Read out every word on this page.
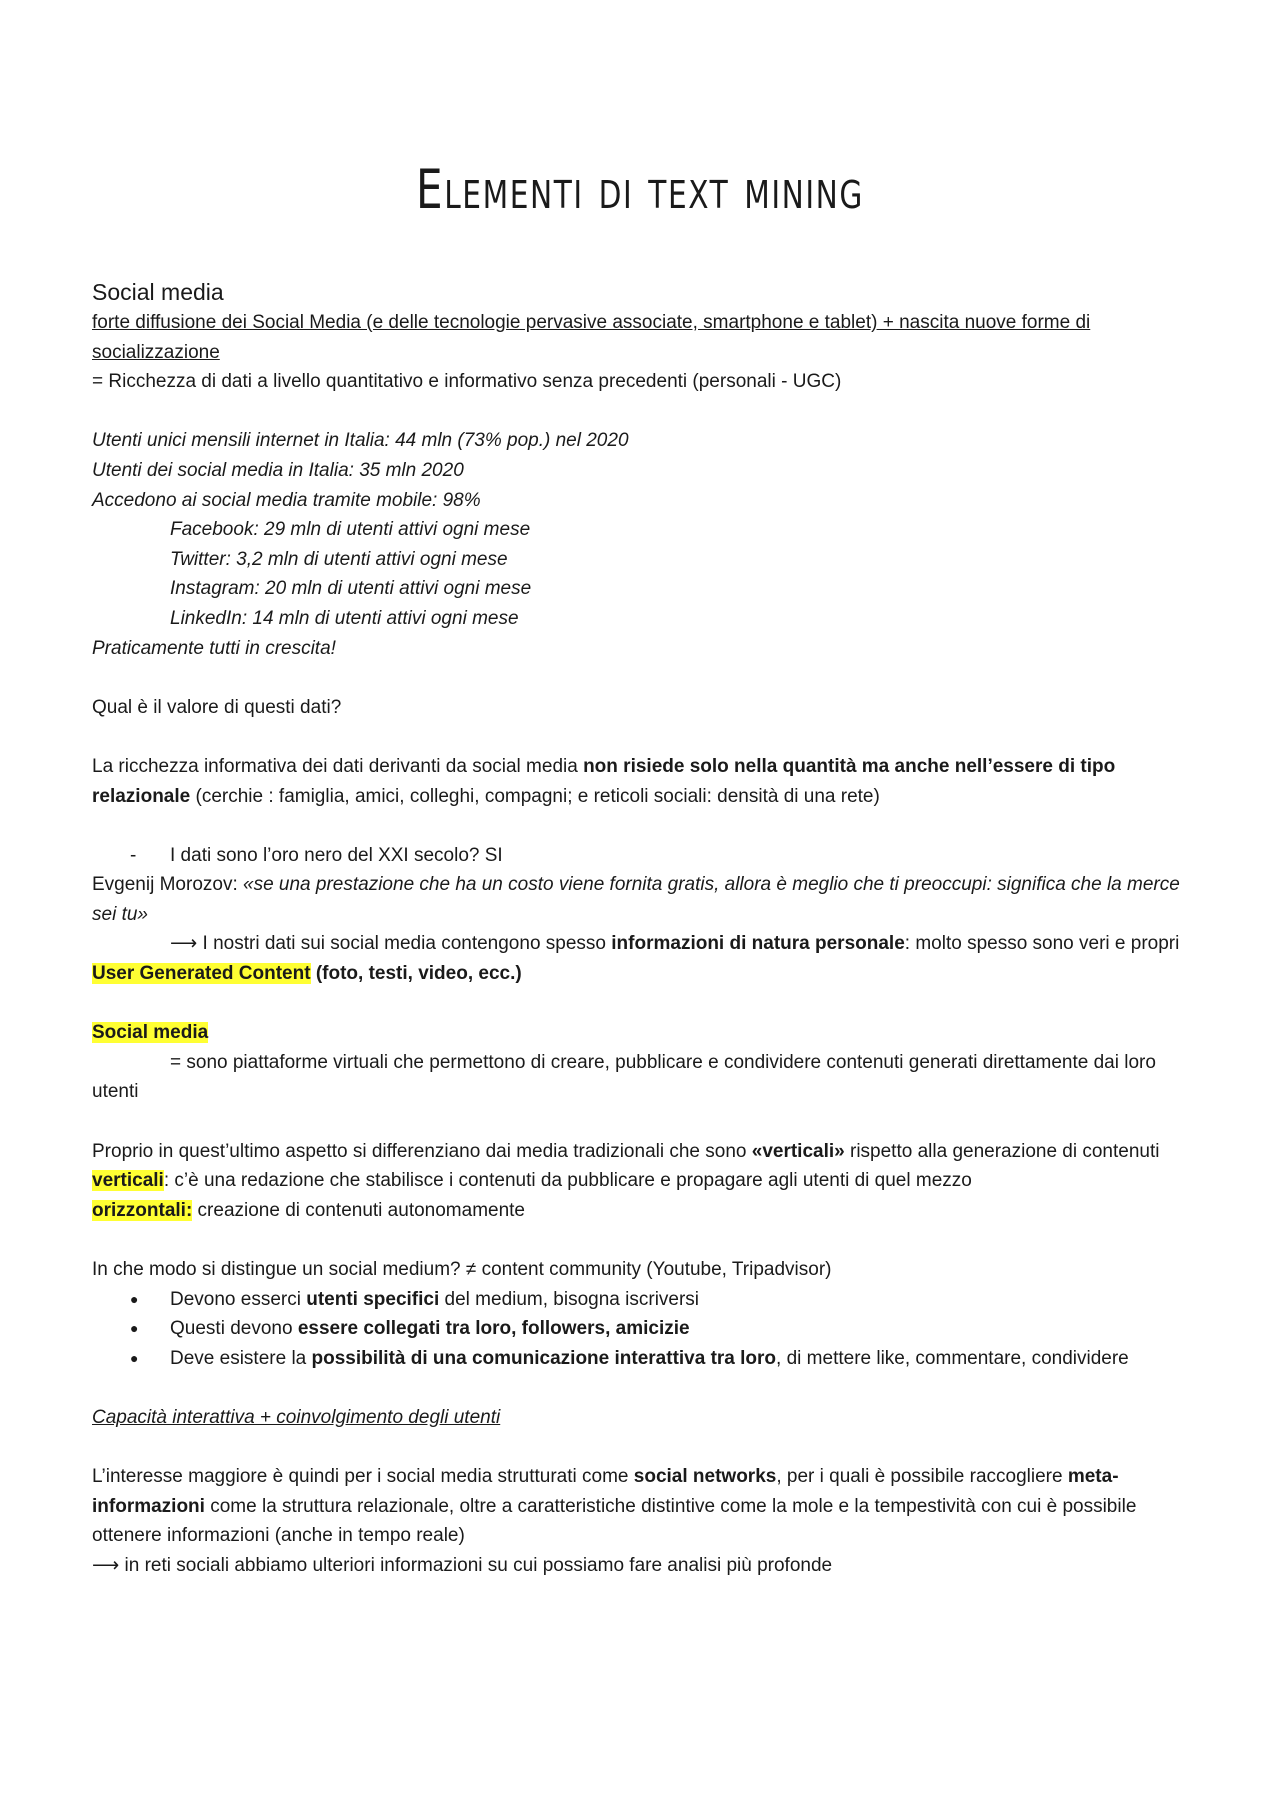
Elementi di text mining

Social media

forte diffusione dei Social Media (e delle tecnologie pervasive associate, smartphone e tablet) + nascita nuove forme di socializzazione

= Ricchezza di dati a livello quantitativo e informativo senza precedenti (personali - UGC)

Utenti unici mensili internet in Italia: 44 mln (73% pop.) nel 2020

Utenti dei social media in Italia: 35 mln 2020

Accedono ai social media tramite mobile: 98%

Facebook: 29 mln di utenti attivi ogni mese

Twitter: 3,2 mln di utenti attivi ogni mese

Instagram: 20 mln di utenti attivi ogni mese

LinkedIn: 14 mln di utenti attivi ogni mese

Praticamente tutti in crescita!

Qual è il valore di questi dati?

La ricchezza informativa dei dati derivanti da social media non risiede solo nella quantità ma anche nell’essere di tipo relazionale (cerchie : famiglia, amici, colleghi, compagni; e reticoli sociali: densità di una rete)

- I dati sono l’oro nero del XXI secolo? SI

Evgenij Morozov: «se una prestazione che ha un costo viene fornita gratis, allora è meglio che ti preoccupi: significa che la merce sei tu»

⟶ I nostri dati sui social media contengono spesso informazioni di natura personale: molto spesso sono veri e propri User Generated Content (foto, testi, video, ecc.)

Social media

= sono piattaforme virtuali che permettono di creare, pubblicare e condividere contenuti generati direttamente dai loro utenti

Proprio in quest’ultimo aspetto si differenziano dai media tradizionali che sono «verticali» rispetto alla generazione di contenuti

verticali: c’è una redazione che stabilisce i contenuti da pubblicare e propagare agli utenti di quel mezzo

orizzontali: creazione di contenuti autonomamente

In che modo si distingue un social medium? ≠ content community (Youtube, Tripadvisor)

● Devono esserci utenti specifici del medium, bisogna iscriversi
● Questi devono essere collegati tra loro, followers, amicizie
● Deve esistere la possibilità di una comunicazione interattiva tra loro, di mettere like, commentare, condividere

Capacità interattiva + coinvolgimento degli utenti

L’interesse maggiore è quindi per i social media strutturati come social networks, per i quali è possibile raccogliere meta-informazioni come la struttura relazionale, oltre a caratteristiche distintive come la mole e la tempestività con cui è possibile ottenere informazioni (anche in tempo reale)

⟶ in reti sociali abbiamo ulteriori informazioni su cui possiamo fare analisi più profonde
